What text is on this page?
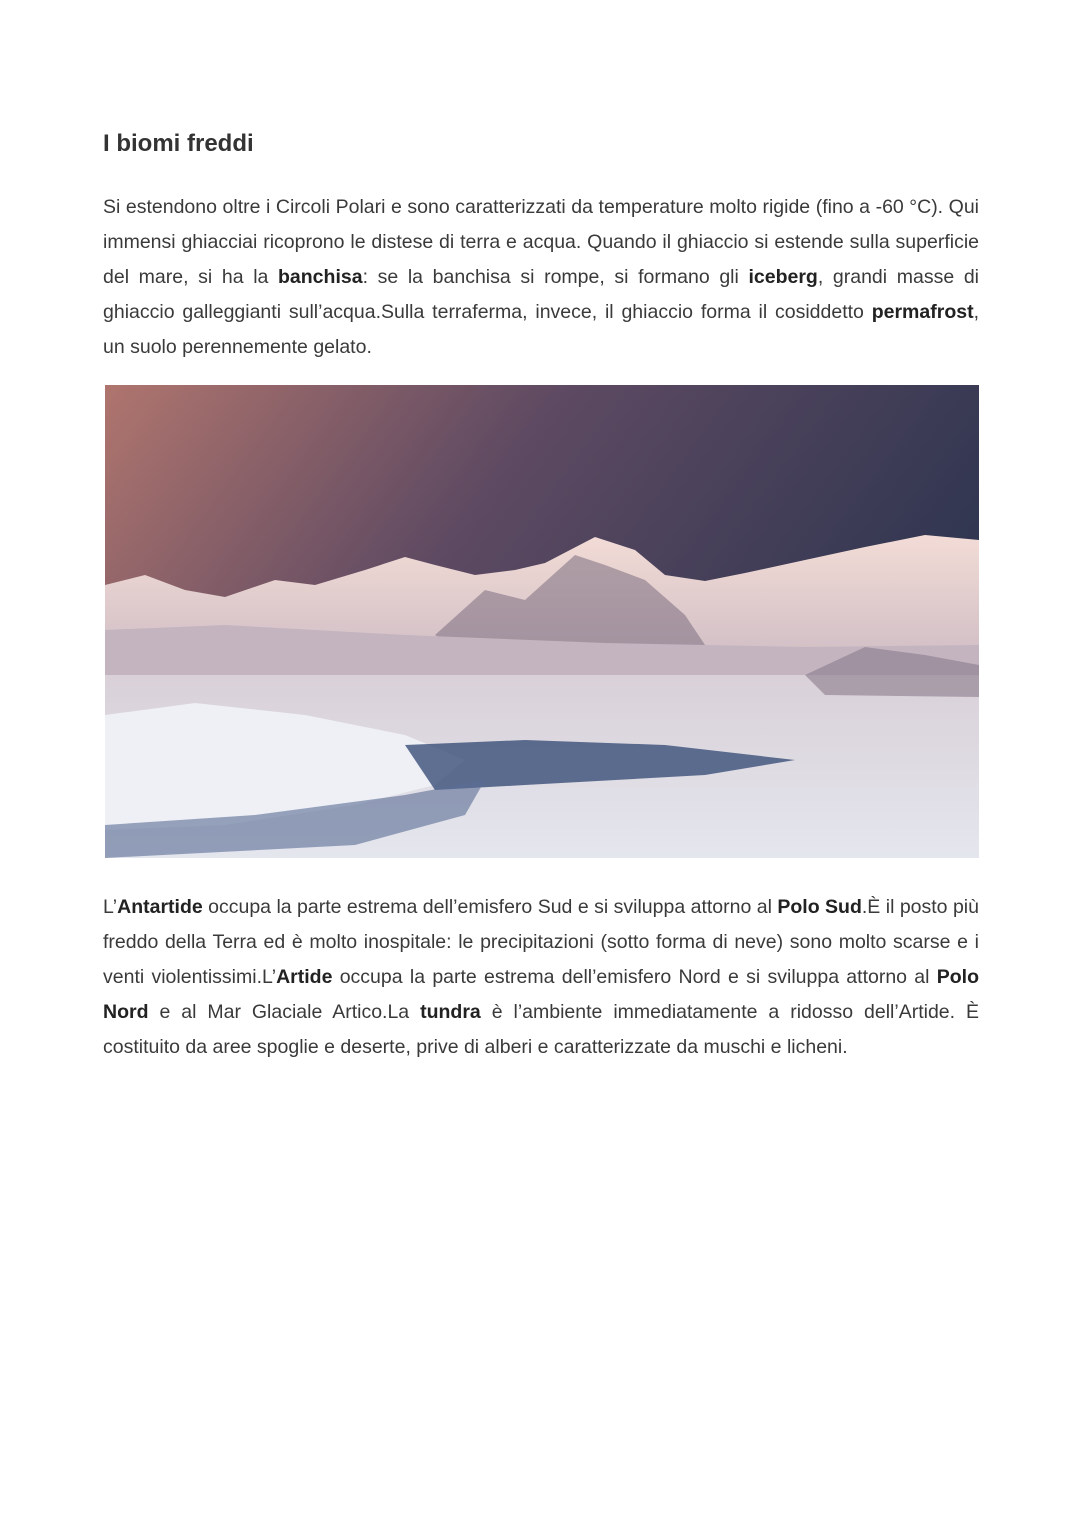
I biomi freddi

Si estendono oltre i Circoli Polari e sono caratterizzati da temperature molto rigide (fino a -60 °C). Qui immensi ghiacciai ricoprono le distese di terra e acqua. Quando il ghiaccio si estende sulla superficie del mare, si ha la banchisa: se la banchisa si rompe, si formano gli iceberg, grandi masse di ghiaccio galleggianti sull’acqua.Sulla terraferma, invece, il ghiaccio forma il cosiddetto permafrost, un suolo perennemente gelato.

L’Antartide occupa la parte estrema dell’emisfero Sud e si sviluppa attorno al Polo Sud.È il posto più freddo della Terra ed è molto inospitale: le precipitazioni (sotto forma di neve) sono molto scarse e i venti violentissimi.L’Artide occupa la parte estrema dell’emisfero Nord e si sviluppa attorno al Polo Nord e al Mar Glaciale Artico.La tundra è l’ambiente immediatamente a ridosso dell’Artide. È costituito da aree spoglie e deserte, prive di alberi e caratterizzate da muschi e licheni.
